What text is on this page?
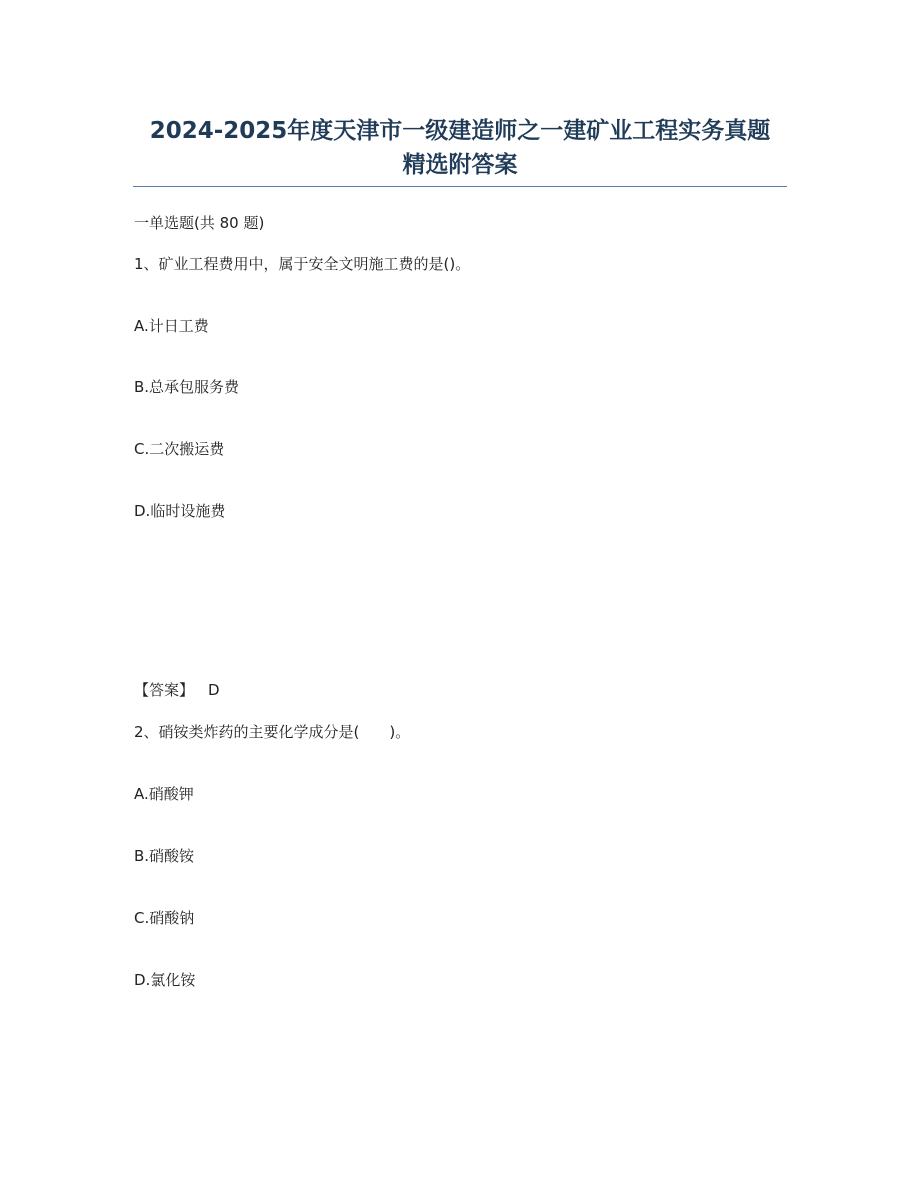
2024-2025年度天津市一级建造师之一建矿业工程实务真题
精选附答案
一单选题(共 80 题)
1、矿业工程费用中，属于安全文明施工费的是()。
A.计日工费
B.总承包服务费
C.二次搬运费
D.临时设施费
【答案】 D
2、硝铵类炸药的主要化学成分是(　　)。
A.硝酸钾
B.硝酸铵
C.硝酸钠
D.氯化铵
